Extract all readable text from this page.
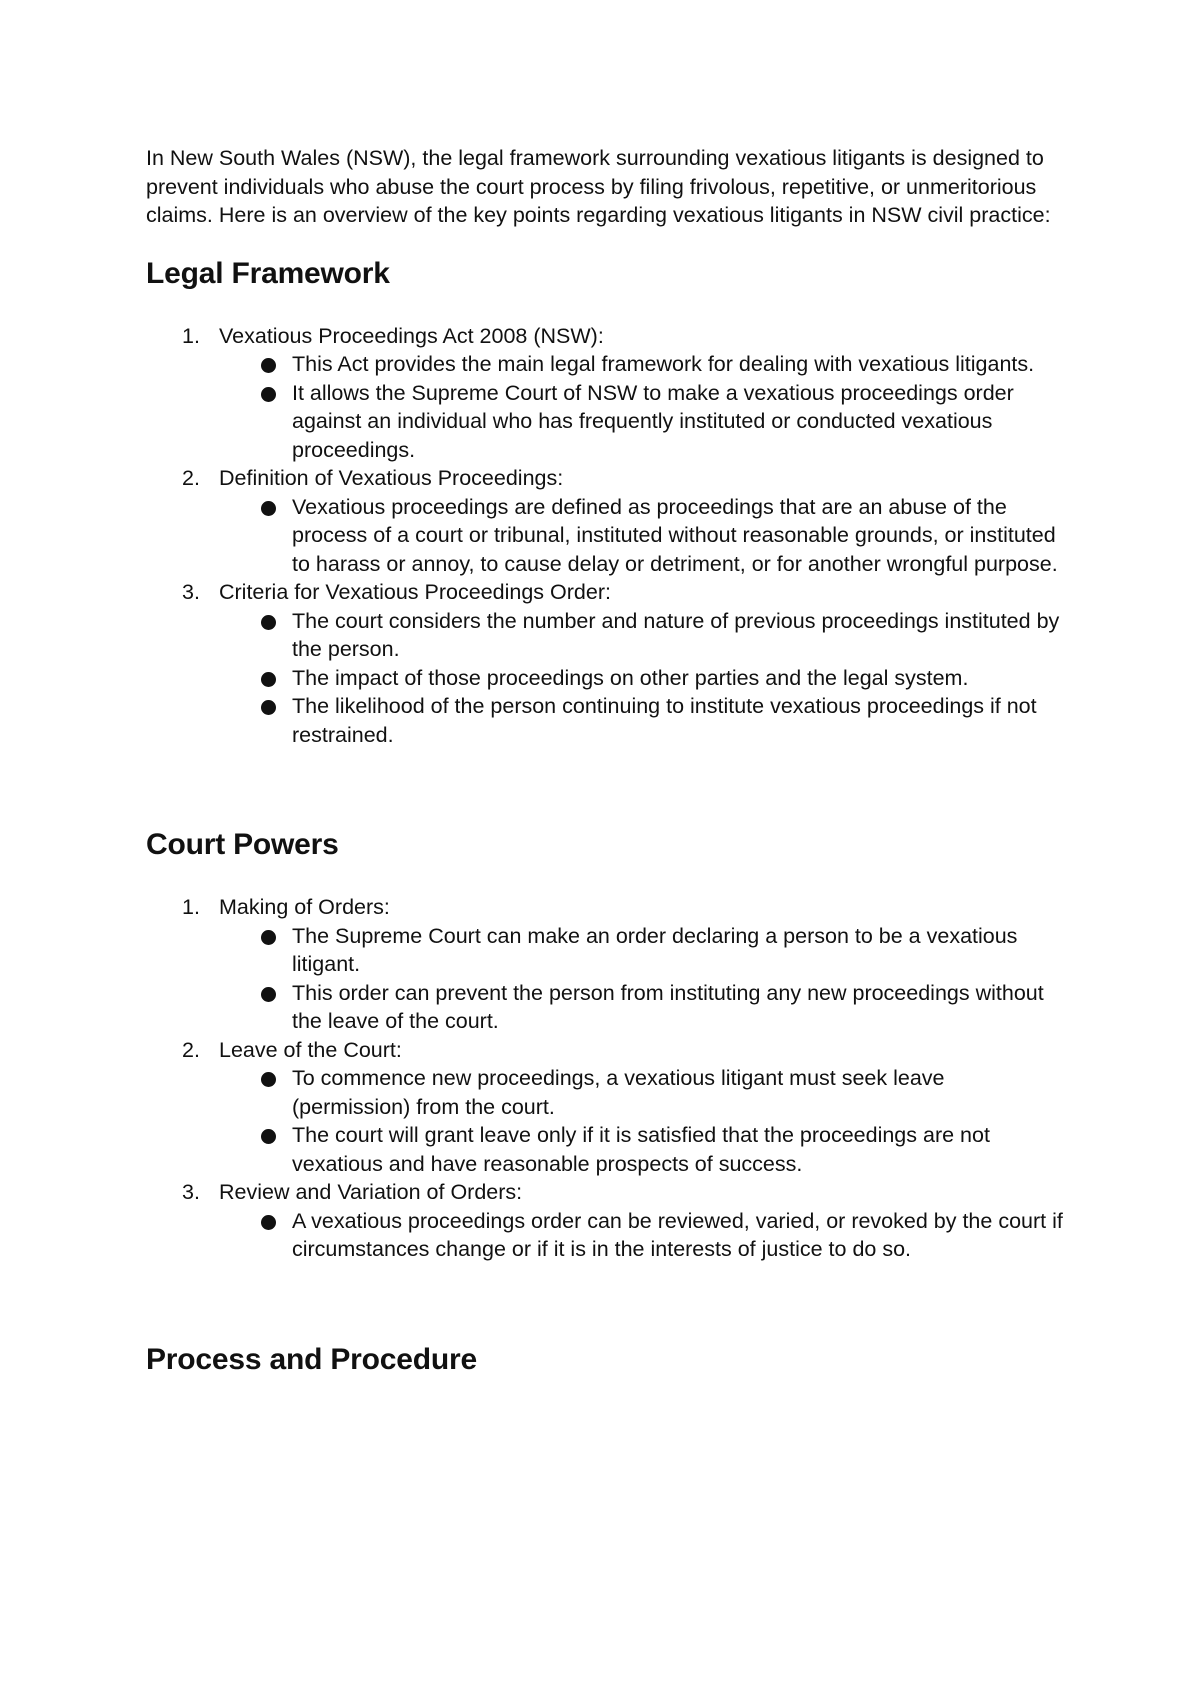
In New South Wales (NSW), the legal framework surrounding vexatious litigants is designed to prevent individuals who abuse the court process by filing frivolous, repetitive, or unmeritorious claims. Here is an overview of the key points regarding vexatious litigants in NSW civil practice:

Legal Framework
1. Vexatious Proceedings Act 2008 (NSW):
This Act provides the main legal framework for dealing with vexatious litigants.
It allows the Supreme Court of NSW to make a vexatious proceedings order against an individual who has frequently instituted or conducted vexatious proceedings.
2. Definition of Vexatious Proceedings:
Vexatious proceedings are defined as proceedings that are an abuse of the process of a court or tribunal, instituted without reasonable grounds, or instituted to harass or annoy, to cause delay or detriment, or for another wrongful purpose.
3. Criteria for Vexatious Proceedings Order:
The court considers the number and nature of previous proceedings instituted by the person.
The impact of those proceedings on other parties and the legal system.
The likelihood of the person continuing to institute vexatious proceedings if not restrained.
Court Powers
1. Making of Orders:
The Supreme Court can make an order declaring a person to be a vexatious litigant.
This order can prevent the person from instituting any new proceedings without the leave of the court.
2. Leave of the Court:
To commence new proceedings, a vexatious litigant must seek leave (permission) from the court.
The court will grant leave only if it is satisfied that the proceedings are not vexatious and have reasonable prospects of success.
3. Review and Variation of Orders:
A vexatious proceedings order can be reviewed, varied, or revoked by the court if circumstances change or if it is in the interests of justice to do so.
Process and Procedure
